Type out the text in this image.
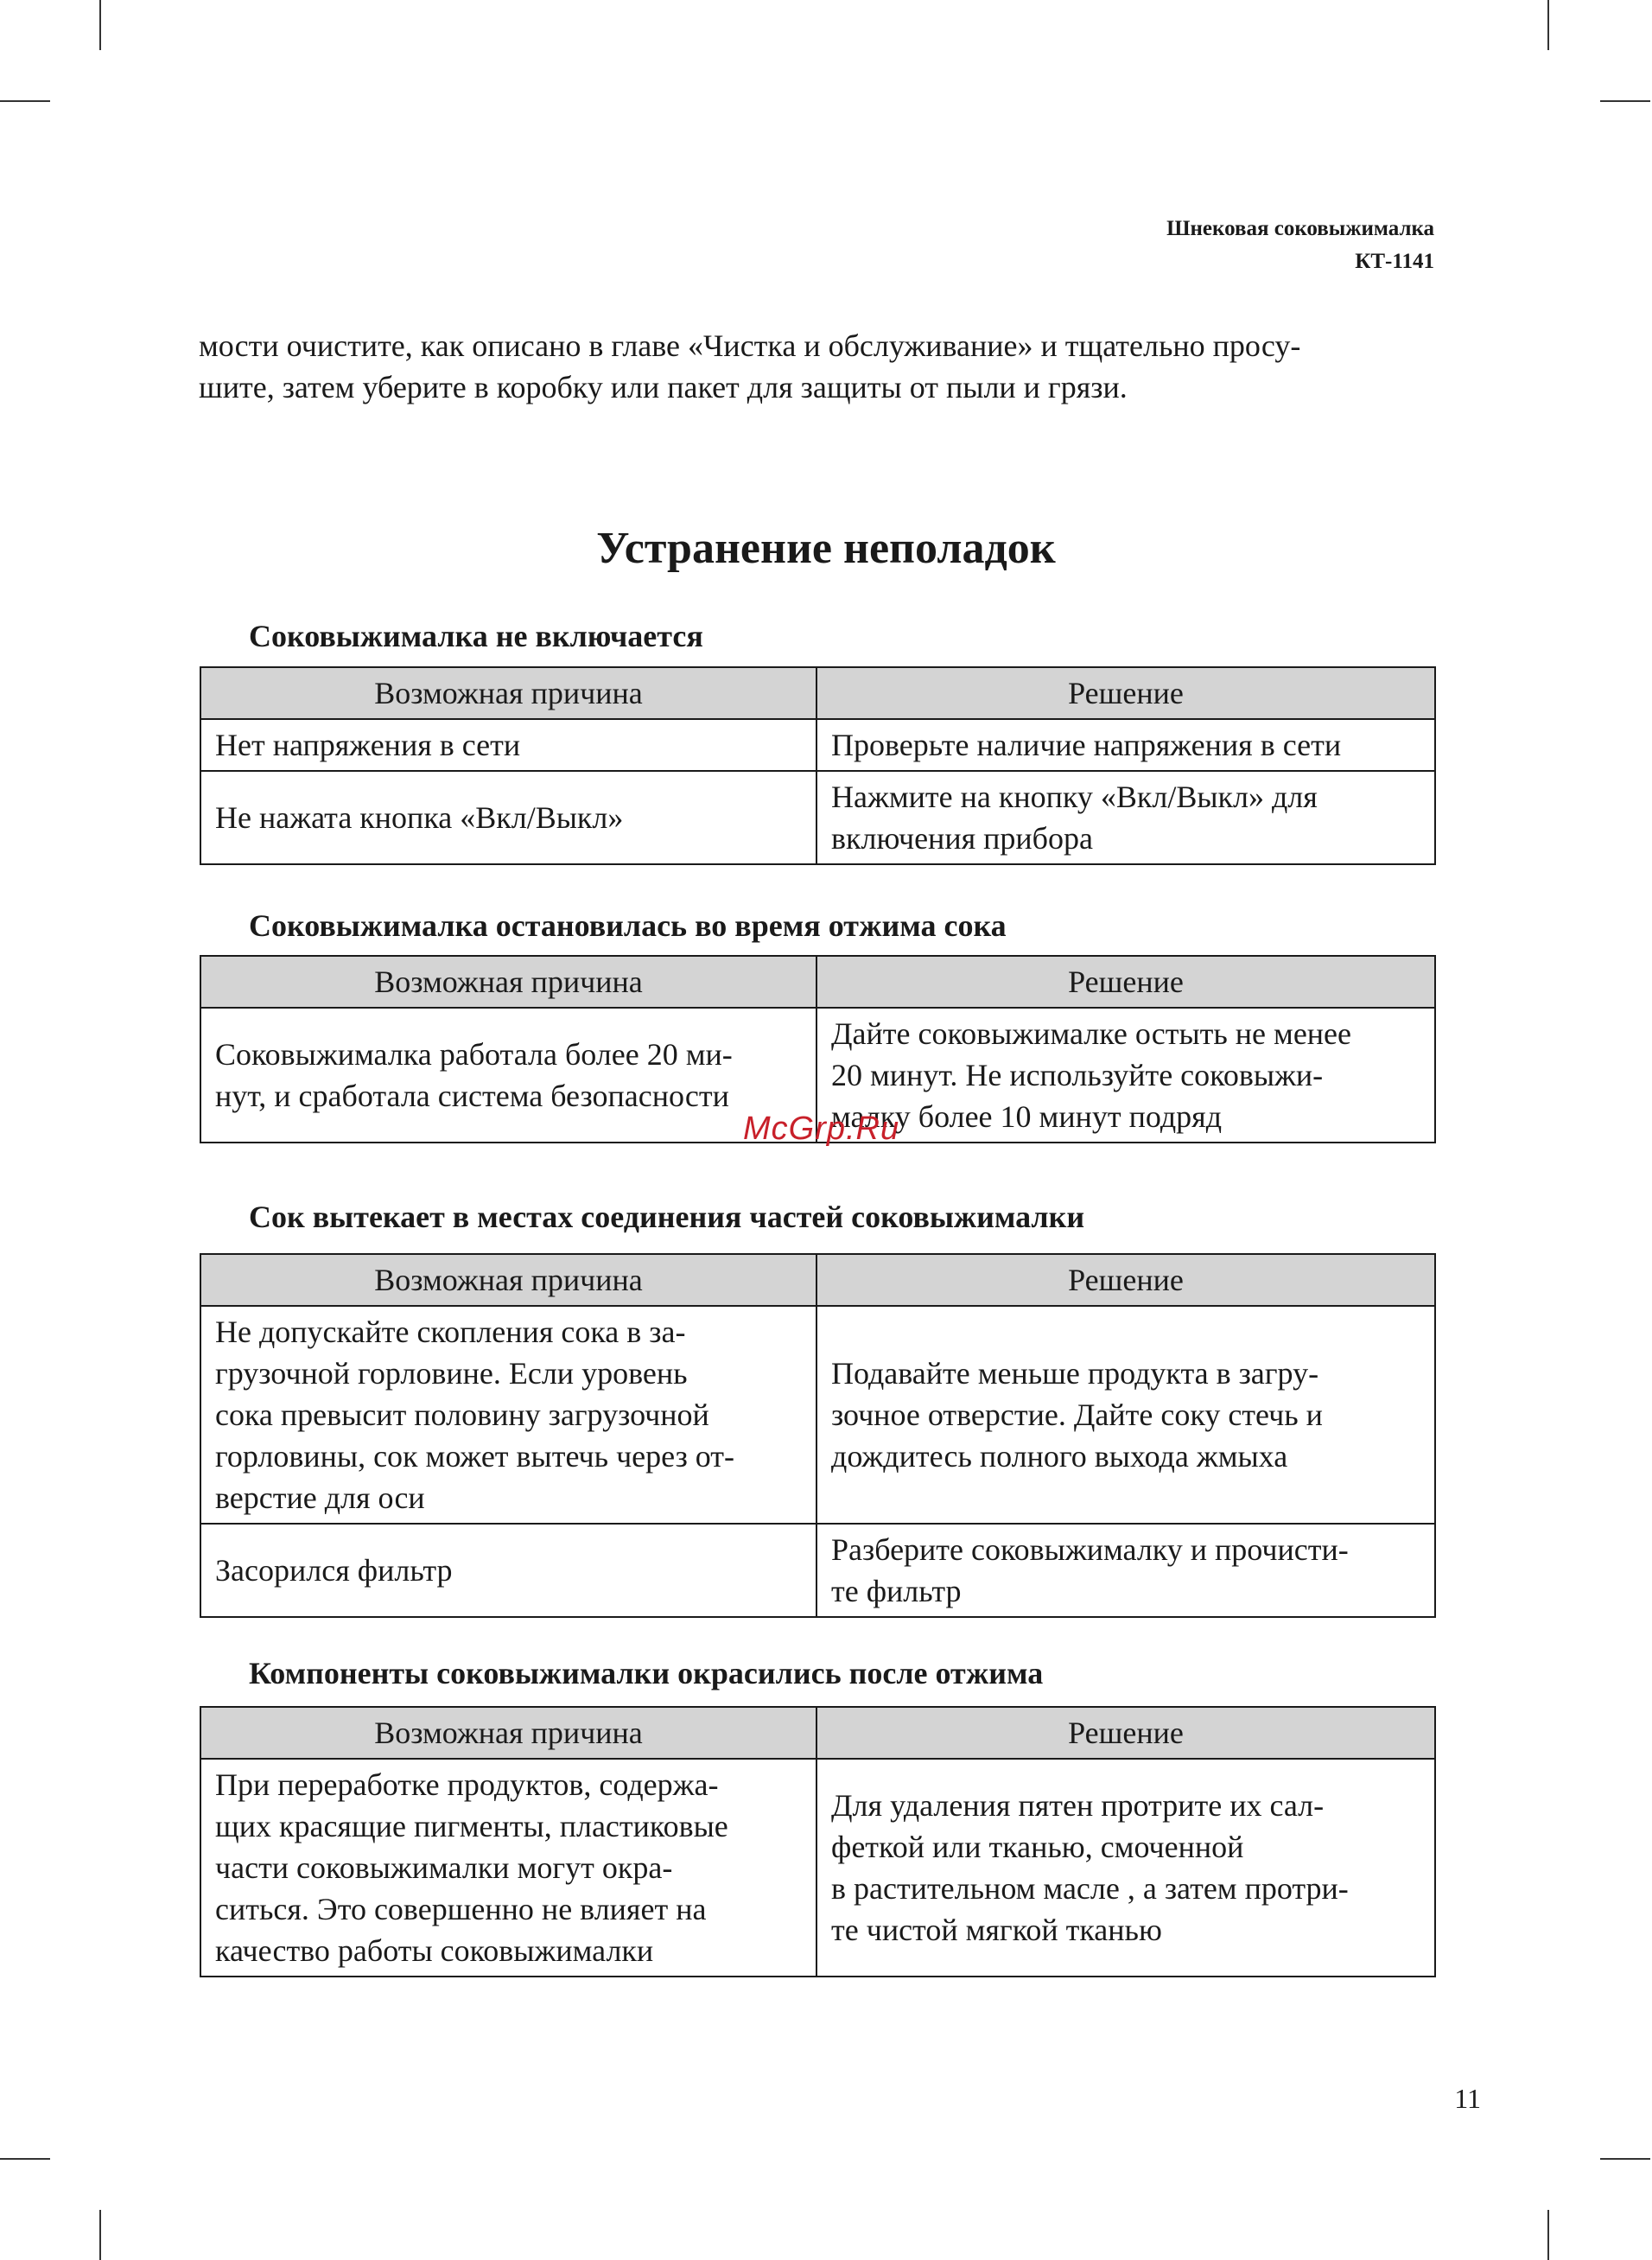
Шнековая соковыжималка
КТ-1141
мости очистите, как описано в главе «Чистка и обслуживание» и тщательно просу-
шите, затем уберите в коробку или пакет для защиты от пыли и грязи.
Устранение неполадок
Соковыжималка не включается
Возможная причина	Решение

Нет напряжения в сети	Проверьте наличие напряжения в сети

Не нажата кнопка «Вкл/Выкл»	Нажмите на кнопку «Вкл/Выкл» для
включения прибора
Соковыжималка остановилась во время отжима сока
Возможная причина	Решение

Соковыжималка работала более 20 ми-
нут, и сработала система безопасности	Дайте соковыжималке остыть не менее
20 минут. Не используйте соковыжи-
малку более 10 минут подряд
McGrp.Ru
Сок вытекает в местах соединения частей соковыжималки
Возможная причина	Решение

Не допускайте скопления сока в за-
грузочной горловине. Если уровень
сока превысит половину загрузочной
горловины, сок может вытечь через от-
верстие для оси	Подавайте меньше продукта в загру-
зочное отверстие. Дайте соку стечь и
дождитесь полного выхода жмыха

Засорился фильтр	Разберите соковыжималку и прочисти-
те фильтр
Компоненты соковыжималки окрасились после отжима
Возможная причина	Решение

При переработке продуктов, содержа-
щих красящие пигменты, пластиковые
части соковыжималки могут окра-
ситься. Это совершенно не влияет на
качество работы соковыжималки	Для удаления пятен протрите их сал-
феткой или тканью, смоченной
в растительном масле , а затем протри-
те чистой мягкой тканью
11
